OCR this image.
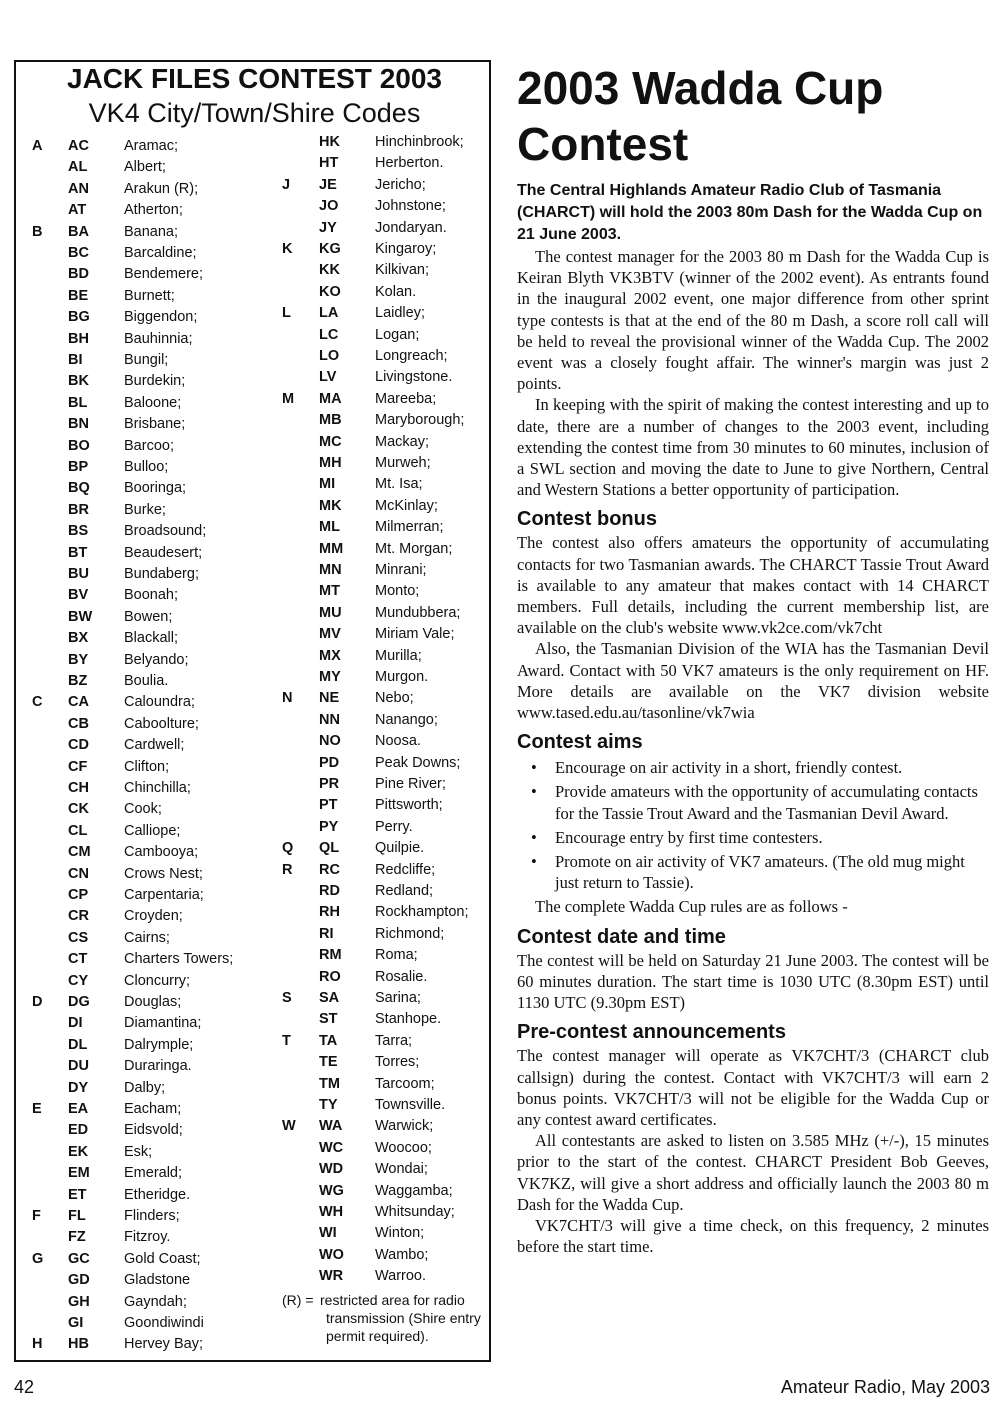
JACK FILES CONTEST 2003
VK4 City/Town/Shire Codes
A	AC Aramac;
AL	Albert;
AN Arakun (R);
AT	Atherton;
B	BA Banana;
BC Barcaldine;
BD Bendemere;
BE Burnett;
BG Biggendon;
BH Bauhinnia;
BI	Bungil;
BK Burdekin;
BL	Baloone;
BN Brisbane;
BO Barcoo;
BP Bulloo;
BQ Booringa;
BR Burke;
BS Broadsound;
BT	Beaudesert;
BU Bundaberg;
BV Boonah;
BW Bowen;
BX Blackall;
BY Belyando;
BZ	Boulia.
C	CA Caloundra;
CB Caboolture;
CD Cardwell;
CF	Clifton;
CH Chinchilla;
CK Cook;
CL	Calliope;
CM Cambooya;
CN Crows Nest;
CP Carpentaria;
CR Croyden;
CS Cairns;
CT	Charters Towers;
CY Cloncurry;
D	DG Douglas;
DI	Diamantina;
DL	Dalrymple;
DU Duraringa.
DY Dalby;
E	EA Eacham;
ED Eidsvold;
EK Esk;
EM Emerald;
ET	Etheridge.
F	FL	Flinders;
FZ	Fitzroy.
G	GC Gold Coast;
GD Gladstone
GH Gayndah;
GI	Goondiwindi
H	HB Hervey Bay;
HK Hinchinbrook;
HT	Herberton.
J	JE	Jericho;
JO	Johnstone;
JY	Jondaryan.
K	KG Kingaroy;
KK Kilkivan;
KO Kolan.
L	LA	Laidley;
LC	Logan;
LO Longreach;
LV	Livingstone.
M	MA Mareeba;
MB Maryborough;
MC Mackay;
MH Murweh;
MI	Mt. Isa;
MK McKinlay;
ML Milmerran;
MM Mt. Morgan;
MN Minrani;
MT Monto;
MU Mundubbera;
MV Miriam Vale;
MX Murilla;
MY Murgon.
N	NE Nebo;
NN Nanango;
NO Noosa.
PD Peak Downs;
PR Pine River;
PT	Pittsworth;
PY	Perry.
Q	QL Quilpie.
R	RC Redcliffe;
RD Redland;
RH Rockhampton;
RI	Richmond;
RM Roma;
RO Rosalie.
S	SA Sarina;
ST	Stanhope.
T	TA	Tarra;
TE	Torres;
TM Tarcoom;
TY	Townsville.
W	WA Warwick;
WC Woocoo;
WD Wondai;
WG Waggamba;
WH Whitsunday;
WI	Winton;
WO Wambo;
WR Warroo.
(R) = restricted area for radio transmission (Shire entry permit required).
2003 Wadda Cup Contest

The Central Highlands Amateur Radio Club of Tasmania (CHARCT) will hold the 2003 80m Dash for the Wadda Cup on 21 June 2003.

The contest manager for the 2003 80 m Dash for the Wadda Cup is Keiran Blyth VK3BTV (winner of the 2002 event). As entrants found in the inaugural 2002 event, one major difference from other sprint type contests is that at the end of the 80 m Dash, a score roll call will be held to reveal the provisional winner of the Wadda Cup. The 2002 event was a closely fought affair. The winner's margin was just 2 points.

In keeping with the spirit of making the contest interesting and up to date, there are a number of changes to the 2003 event, including extending the contest time from 30 minutes to 60 minutes, inclusion of a SWL section and moving the date to June to give Northern, Central and Western Stations a better opportunity of participation.

Contest bonus

The contest also offers amateurs the opportunity of accumulating contacts for two Tasmanian awards. The CHARCT Tassie Trout Award is available to any amateur that makes contact with 14 CHARCT members. Full details, including the current membership list, are available on the club's website www.vk2ce.com/vk7cht

Also, the Tasmanian Division of the WIA has the Tasmanian Devil Award. Contact with 50 VK7 amateurs is the only requirement on HF. More details are available on the VK7 division website www.tased.edu.au/tasonline/vk7wia

Contest aims
• Encourage on air activity in a short, friendly contest.
• Provide amateurs with the opportunity of accumulating contacts for the Tassie Trout Award and the Tasmanian Devil Award.
• Encourage entry by first time contesters.
• Promote on air activity of VK7 amateurs. (The old mug might just return to Tassie).

The complete Wadda Cup rules are as follows -

Contest date and time

The contest will be held on Saturday 21 June 2003. The contest will be 60 minutes duration. The start time is 1030 UTC (8.30pm EST) until 1130 UTC (9.30pm EST)

Pre-contest announcements

The contest manager will operate as VK7CHT/3 (CHARCT club callsign) during the contest. Contact with VK7CHT/3 will earn 2 bonus points. VK7CHT/3 will not be eligible for the Wadda Cup or any contest award certificates.

All contestants are asked to listen on 3.585 MHz (+/-), 15 minutes prior to the start of the contest. CHARCT President Bob Geeves, VK7KZ, will give a short address and officially launch the 2003 80 m Dash for the Wadda Cup.

VK7CHT/3 will give a time check, on this frequency, 2 minutes before the start time.

42	Amateur Radio, May 2003
